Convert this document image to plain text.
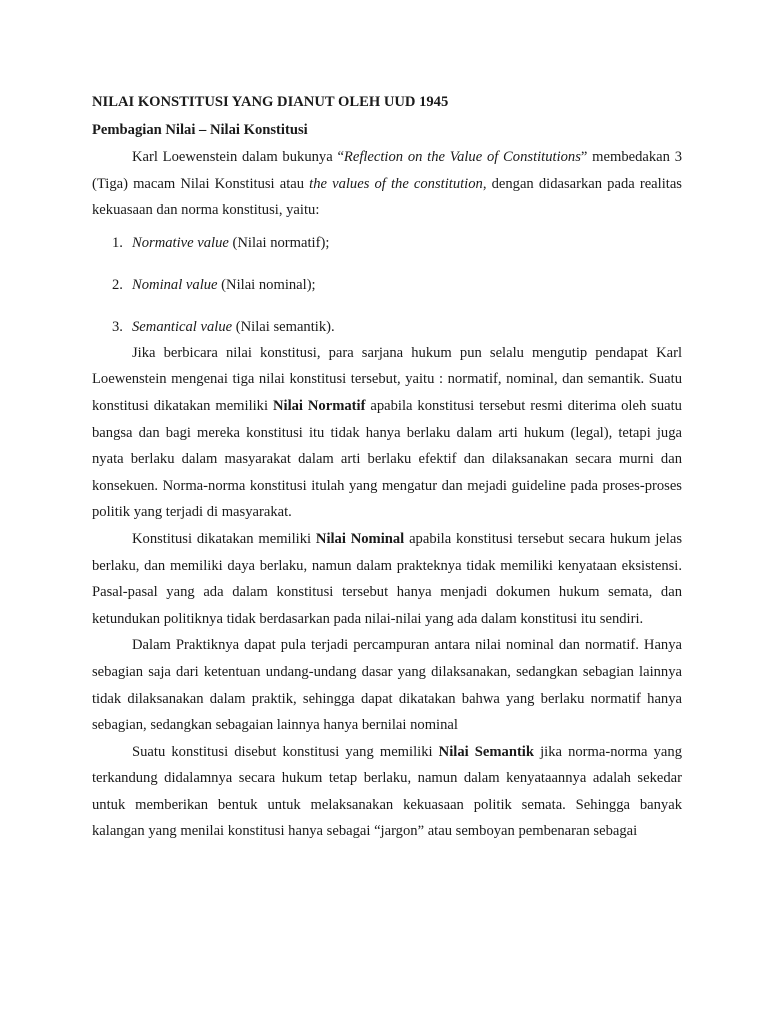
NILAI KONSTITUSI YANG DIANUT OLEH UUD 1945

Pembagian Nilai – Nilai Konstitusi

Karl Loewenstein dalam bukunya “Reflection on the Value of Constitutions” membedakan 3 (Tiga) macam Nilai Konstitusi atau the values of the constitution, dengan didasarkan pada realitas kekuasaan dan norma konstitusi, yaitu:

1. Normative value (Nilai normatif);
2. Nominal value (Nilai nominal);
3. Semantical value (Nilai semantik).

Jika berbicara nilai konstitusi, para sarjana hukum pun selalu mengutip pendapat Karl Loewenstein mengenai tiga nilai konstitusi tersebut, yaitu : normatif, nominal, dan semantik. Suatu konstitusi dikatakan memiliki Nilai Normatif apabila konstitusi tersebut resmi diterima oleh suatu bangsa dan bagi mereka konstitusi itu tidak hanya berlaku dalam arti hukum (legal), tetapi juga nyata berlaku dalam masyarakat dalam arti berlaku efektif dan dilaksanakan secara murni dan konsekuen. Norma-norma konstitusi itulah yang mengatur dan mejadi guideline pada proses-proses politik yang terjadi di masyarakat.

Konstitusi dikatakan memiliki Nilai Nominal apabila konstitusi tersebut secara hukum jelas berlaku, dan memiliki daya berlaku, namun dalam prakteknya tidak memiliki kenyataan eksistensi. Pasal-pasal yang ada dalam konstitusi tersebut hanya menjadi dokumen hukum semata, dan ketundukan politiknya tidak berdasarkan pada nilai-nilai yang ada dalam konstitusi itu sendiri.

Dalam Praktiknya dapat pula terjadi percampuran antara nilai nominal dan normatif. Hanya sebagian saja dari ketentuan undang-undang dasar yang dilaksanakan, sedangkan sebagian lainnya tidak dilaksanakan dalam praktik, sehingga dapat dikatakan bahwa yang berlaku normatif hanya sebagian, sedangkan sebagaian lainnya hanya bernilai nominal

Suatu konstitusi disebut konstitusi yang memiliki Nilai Semantik jika norma-norma yang terkandung didalamnya secara hukum tetap berlaku, namun dalam kenyataannya adalah sekedar untuk memberikan bentuk untuk melaksanakan kekuasaan politik semata. Sehingga banyak kalangan yang menilai konstitusi hanya sebagai “jargon” atau semboyan pembenaran sebagai
